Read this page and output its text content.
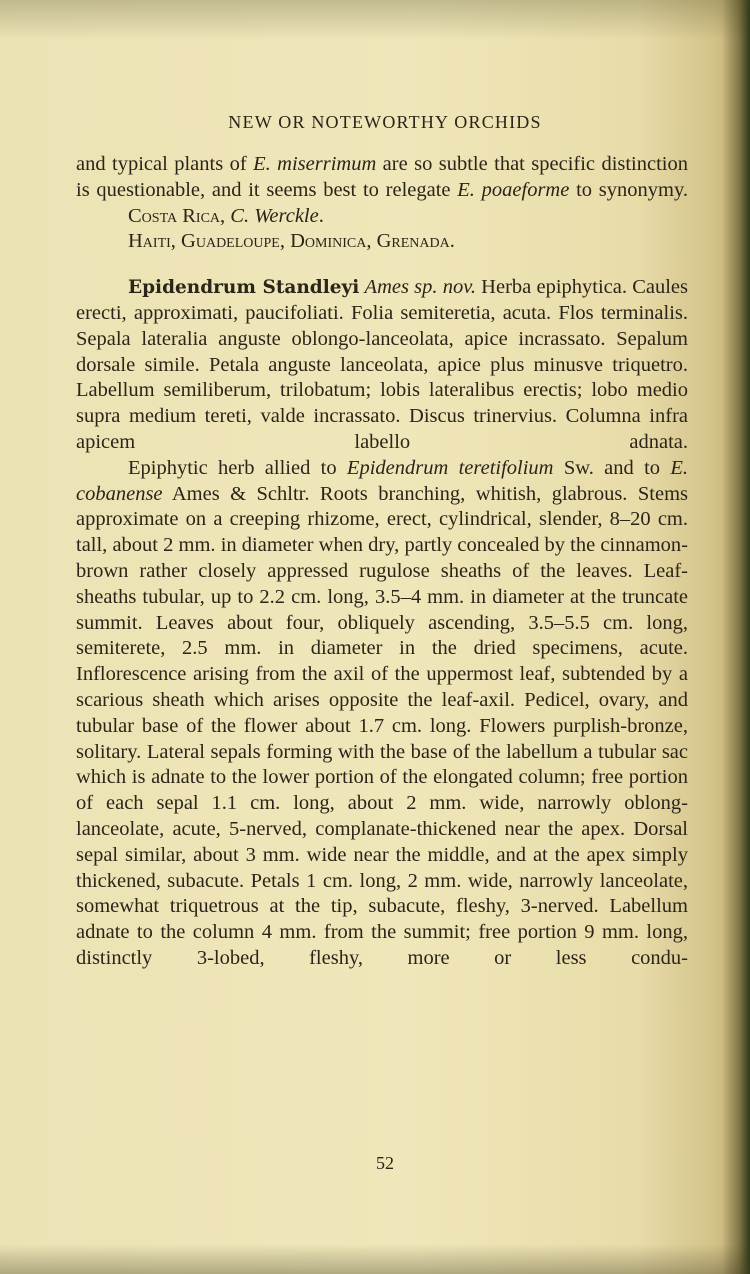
NEW OR NOTEWORTHY ORCHIDS

and typical plants of E. miserrimum are so subtle that specific distinction is questionable, and it seems best to relegate E. poaeforme to synonymy.

Costa Rica, C. Werckle.

Haiti, Guadeloupe, Dominica, Grenada.

Epidendrum Standleyi Ames sp. nov. Herba epiphytica. Caules erecti, approximati, paucifoliati. Folia semiteretia, acuta. Flos terminalis. Sepala lateralia anguste oblongo-lanceolata, apice incrassato. Sepalum dorsale simile. Petala anguste lanceolata, apice plus minusve triquetro. Labellum semiliberum, trilobatum; lobis lateralibus erectis; lobo medio supra medium tereti, valde incrassato. Discus trinervius. Columna infra apicem labello adnata.

Epiphytic herb allied to Epidendrum teretifolium Sw. and to E. cobanense Ames & Schltr. Roots branching, whitish, glabrous. Stems approximate on a creeping rhizome, erect, cylindrical, slender, 8–20 cm. tall, about 2 mm. in diameter when dry, partly concealed by the cinnamon-brown rather closely appressed rugulose sheaths of the leaves. Leaf-sheaths tubular, up to 2.2 cm. long, 3.5–4 mm. in diameter at the truncate summit. Leaves about four, obliquely ascending, 3.5–5.5 cm. long, semiterete, 2.5 mm. in diameter in the dried specimens, acute. Inflorescence arising from the axil of the uppermost leaf, subtended by a scarious sheath which arises opposite the leaf-axil. Pedicel, ovary, and tubular base of the flower about 1.7 cm. long. Flowers purplish-bronze, solitary. Lateral sepals forming with the base of the labellum a tubular sac which is adnate to the lower portion of the elongated column; free portion of each sepal 1.1 cm. long, about 2 mm. wide, narrowly oblong-lanceolate, acute, 5-nerved, complanate-thickened near the apex. Dorsal sepal similar, about 3 mm. wide near the middle, and at the apex simply thickened, subacute. Petals 1 cm. long, 2 mm. wide, narrowly lanceolate, somewhat triquetrous at the tip, subacute, fleshy, 3-nerved. Labellum adnate to the column 4 mm. from the summit; free portion 9 mm. long, distinctly 3-lobed, fleshy, more or less condu-

52
